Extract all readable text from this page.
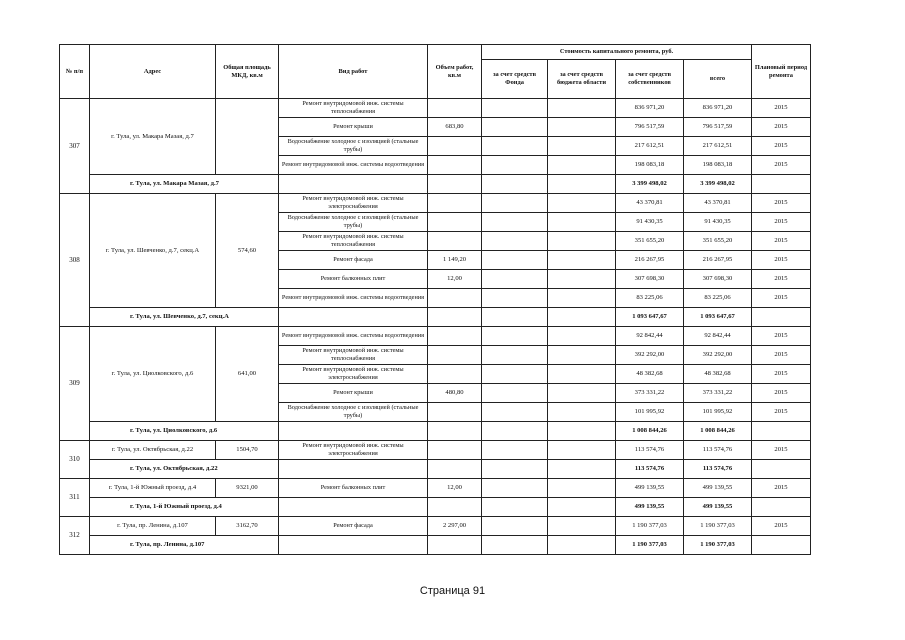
№ п/п	Адрес	Общая площадь МКД, кв.м	Вид работ	Объем работ, кв.м	Стоимость капитального ремонта, руб.				Плановый период ремонта
					за счет средств Фонда	за счет средств бюджета области	за счет средств собственников	всего	
307	г. Тула, ул. Макара Мазая, д.7		Ремонт внутридомовой инж. системы теплоснабжения				836 971,20	836 971,20	2015
			Ремонт крыши	683,80			796 517,59	796 517,59	2015
			Водоснабжение холодное с изоляцией (стальные трубы)				217 612,51	217 612,51	2015
			Ремонт внутридомовой инж. системы водоотведения				198 083,18	198 083,18	2015
	г. Тула, ул. Макара Мазая, д.7						3 399 498,02	3 399 498,02	
308	г. Тула, ул. Шевченко, д.7, секц.А	574,60	Ремонт внутридомовой инж. системы электроснабжения				43 370,81	43 370,81	2015
			Водоснабжение холодное с изоляцией (стальные трубы)				91 430,35	91 430,35	2015
			Ремонт внутридомовой инж. системы теплоснабжения				351 655,20	351 655,20	2015
			Ремонт фасада	1 149,20			216 267,95	216 267,95	2015
			Ремонт балконных плит	12,00			307 698,30	307 698,30	2015
			Ремонт внутридомовой инж. системы водоотведения				83 225,06	83 225,06	2015
	г. Тула, ул. Шевченко, д.7, секц.А						1 093 647,67	1 093 647,67	
309	г. Тула, ул. Циолковского, д.6	641,00	Ремонт внутридомовой инж. системы водоотведения				92 842,44	92 842,44	2015
			Ремонт внутридомовой инж. системы теплоснабжения				392 292,00	392 292,00	2015
			Ремонт внутридомовой инж. системы электроснабжения				48 382,68	48 382,68	2015
			Ремонт крыши	480,80			373 331,22	373 331,22	2015
			Водоснабжение холодное с изоляцией (стальные трубы)				101 995,92	101 995,92	2015
	г. Тула, ул. Циолковского, д.6						1 008 844,26	1 008 844,26	
310	г. Тула, ул. Октябрьская, д.22	1504,70	Ремонт внутридомовой инж. системы электроснабжения				113 574,76	113 574,76	2015
	г. Тула, ул. Октябрьская, д.22						113 574,76	113 574,76	
311	г. Тула, 1-й Южный проезд, д.4	9321,00	Ремонт балконных плит	12,00			499 139,55	499 139,55	2015
	г. Тула, 1-й Южный проезд, д.4						499 139,55	499 139,55	
312	г. Тула, пр. Ленина, д.107	3162,70	Ремонт фасада	2 297,00			1 190 377,03	1 190 377,03	2015
	г. Тула, пр. Ленина, д.107						1 190 377,03	1 190 377,03	
Страница 91
